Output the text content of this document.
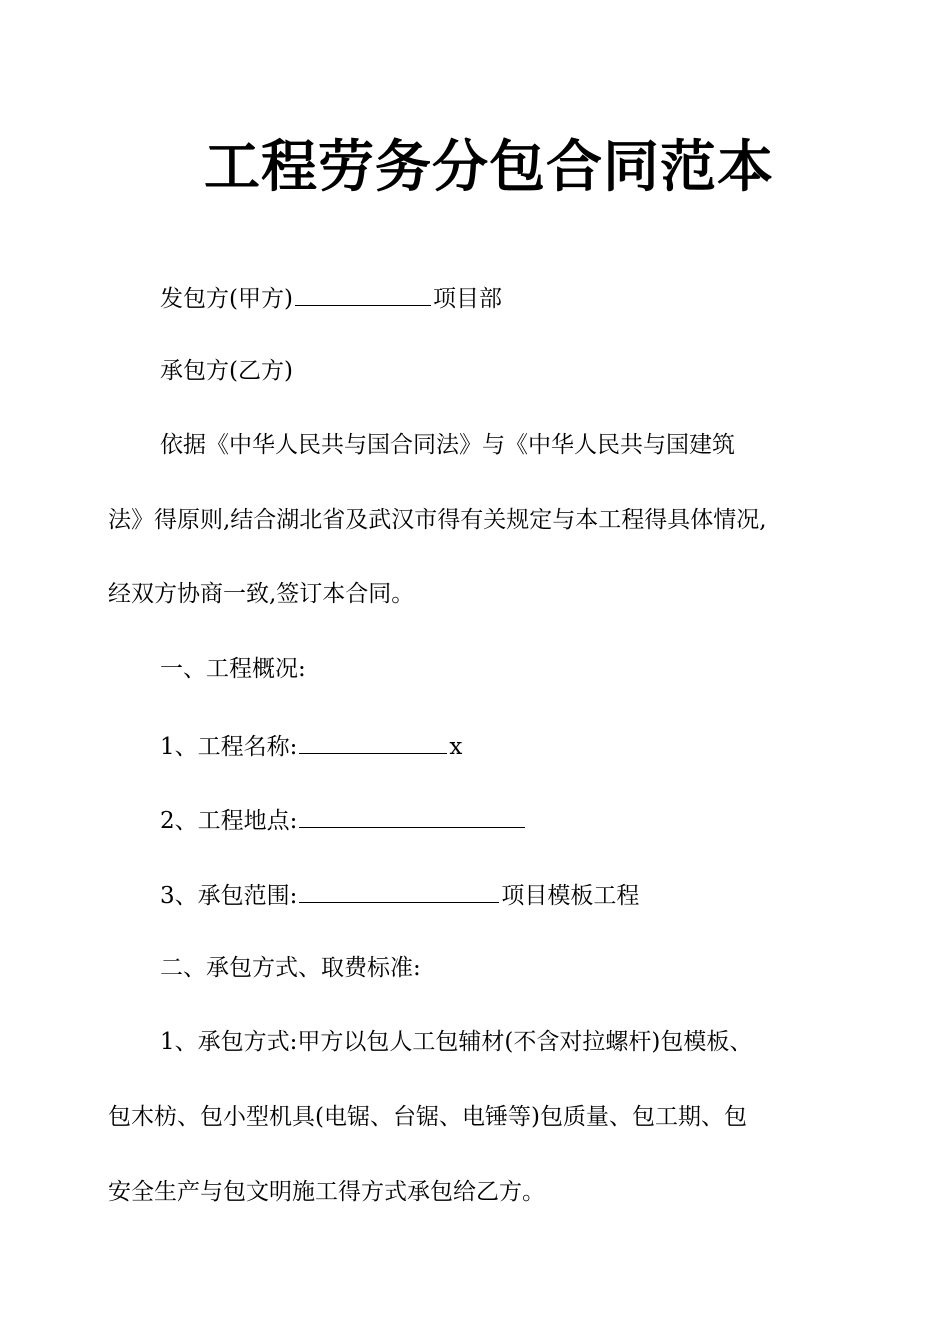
工程劳务分包合同范本
发包方(甲方)	项目部
承包方(乙方)
依据《中华人民共与国合同法》与《中华人民共与国建筑
法》得原则,结合湖北省及武汉市得有关规定与本工程得具体情况,
经双方协商一致,签订本合同。
一、工程概况:
1、工程名称:	x
2、工程地点:
3、承包范围:	项目模板工程
二、承包方式、取费标准:
1、承包方式:甲方以包人工包辅材(不含对拉螺杆)包模板、
包木枋、包小型机具(电锯、台锯、电锤等)包质量、包工期、包
安全生产与包文明施工得方式承包给乙方。
